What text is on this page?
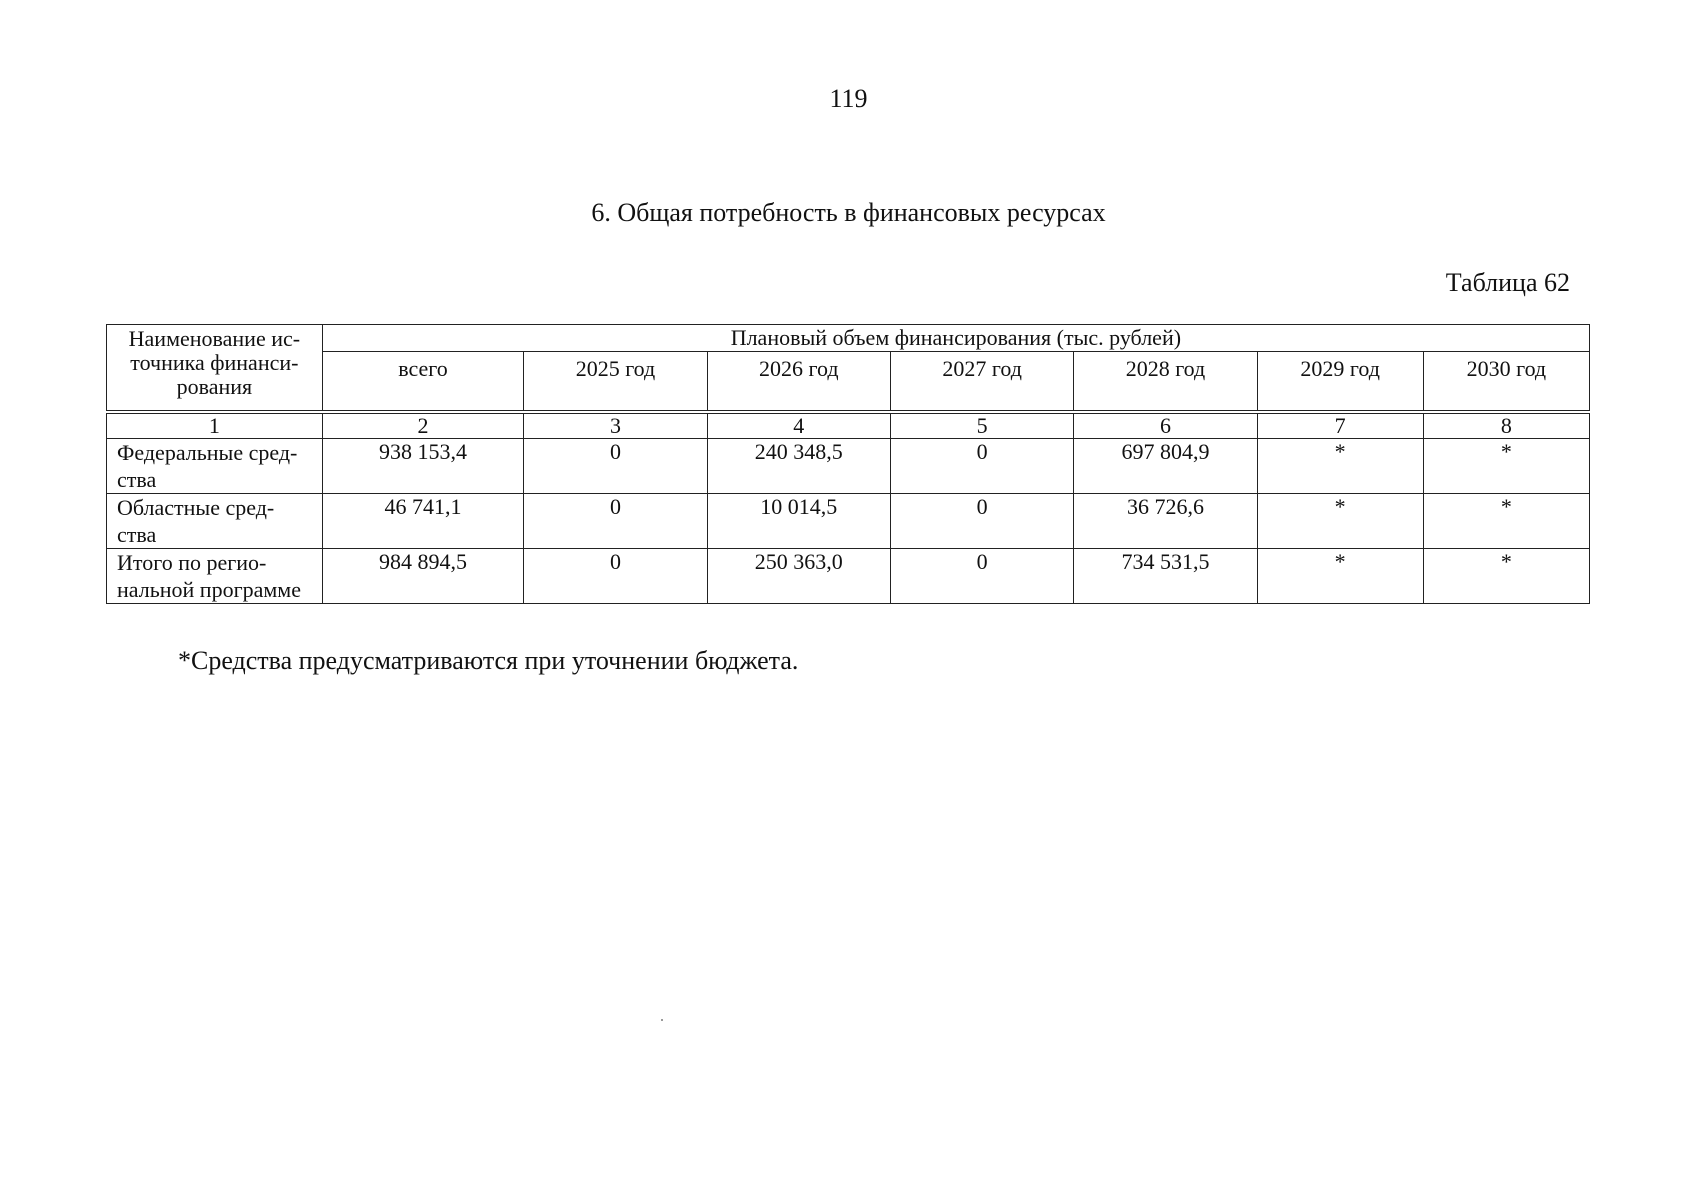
119
6. Общая потребность в финансовых ресурсах
Таблица 62
Наименование ис- точника финанси- рования	Плановый объем финансирования (тыс. рублей)						
	всего	2025 год	2026 год	2027 год	2028 год	2029 год	2030 год
1	2	3	4	5	6	7	8
Федеральные сред- ства	938 153,4	0	240 348,5	0	697 804,9	*	*
Областные сред- ства	46 741,1	0	10 014,5	0	36 726,6	*	*
Итого по регио- нальной программе	984 894,5	0	250 363,0	0	734 531,5	*	*
*Средства предусматриваются при уточнении бюджета.
